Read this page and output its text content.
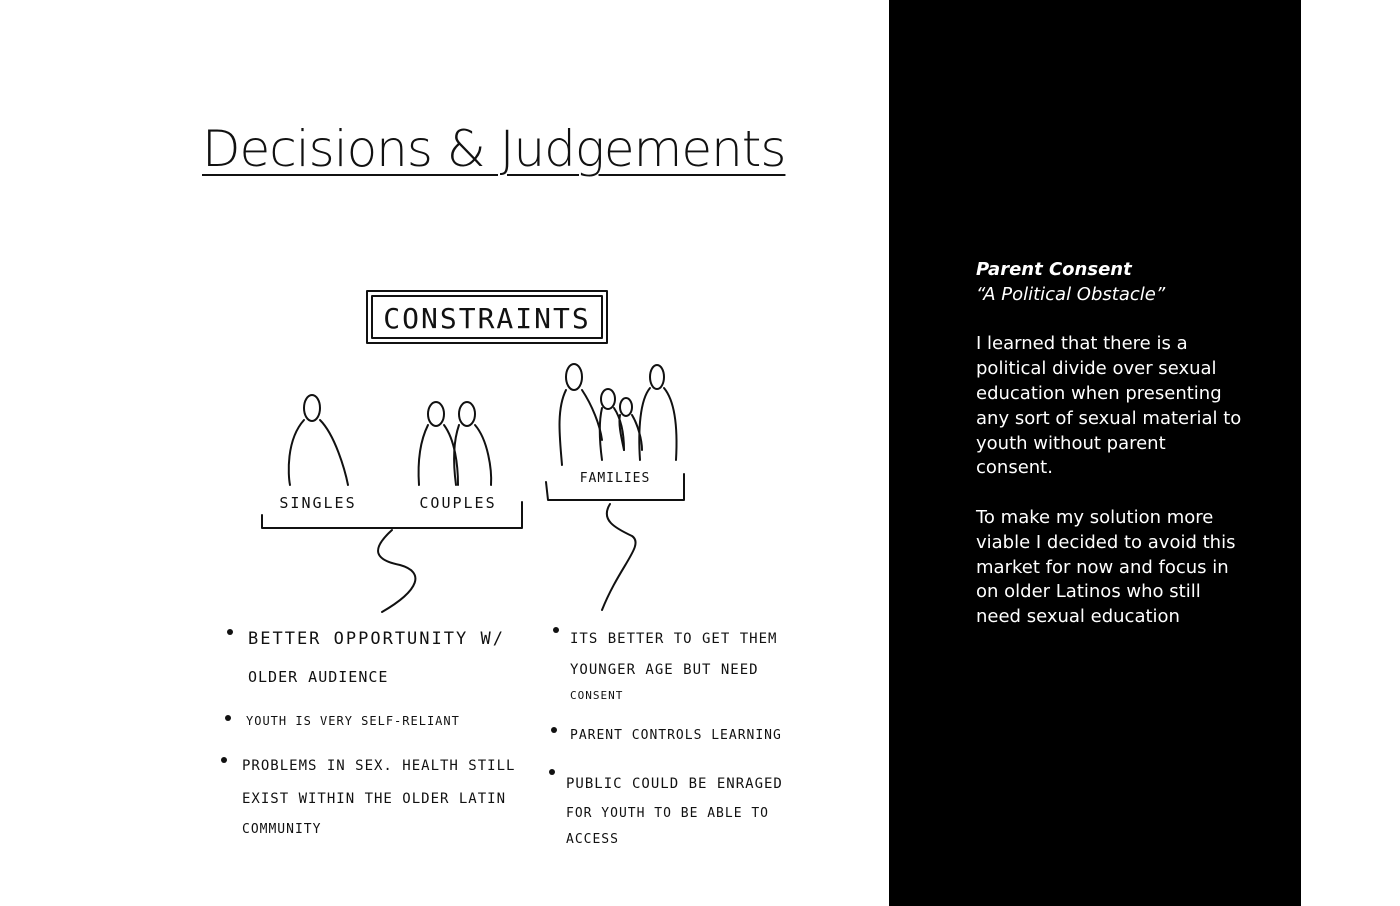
Decisions & Judgements
CONSTRAINTS
SINGLES	COUPLES
FAMILIES
BETTER OPPORTUNITY W/
OLDER AUDIENCE
YOUTH IS VERY SELF-RELIANT
PROBLEMS IN SEX. HEALTH STILL
EXIST WITHIN THE OLDER LATIN
COMMUNITY
ITS BETTER TO GET THEM
YOUNGER AGE BUT NEED
CONSENT
PARENT CONTROLS LEARNING
PUBLIC COULD BE ENRAGED
FOR YOUTH TO BE ABLE TO
ACCESS

Parent Consent

“A Political Obstacle”

I learned that there is a political divide over sexual education when presenting any sort of sexual material to youth without parent consent.

To make my solution more viable I decided to avoid this market for now and focus in on older Latinos who still need sexual education
